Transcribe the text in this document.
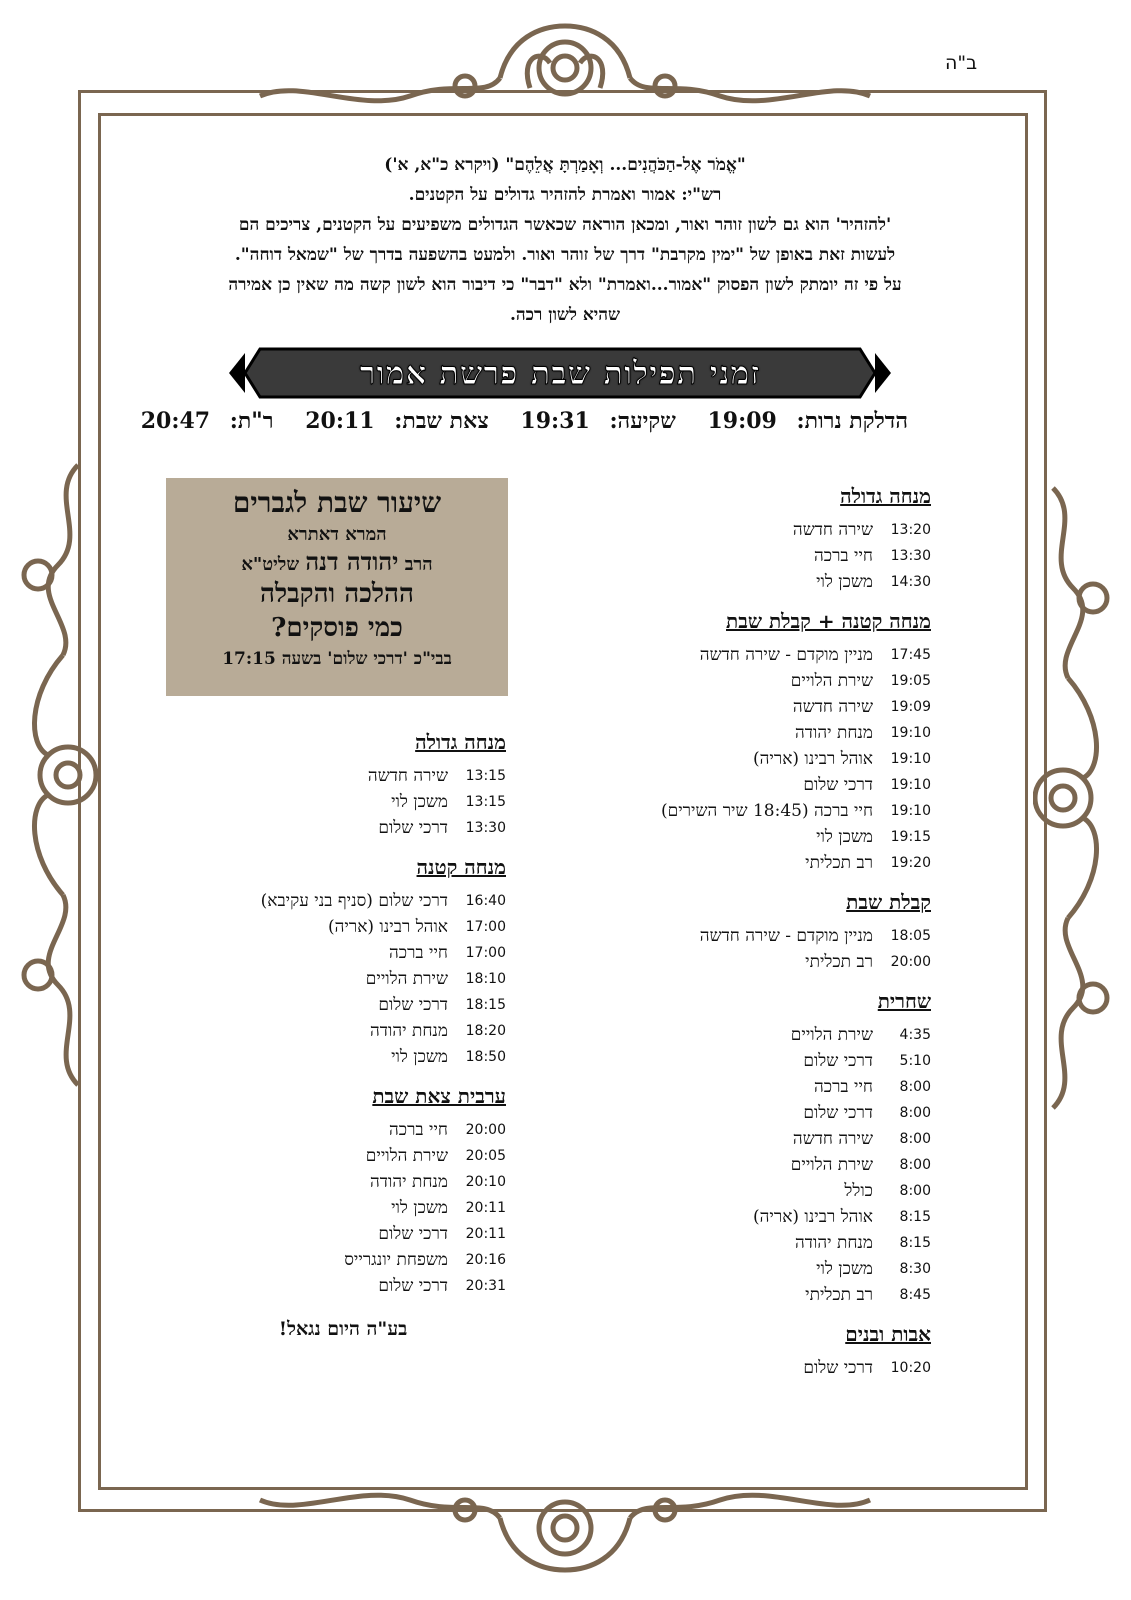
ב"ה
"אֱמֹר אֶל-הַכֹּהֲנִים... וְאָמַרְתָּ אֲלֵהֶם" (ויקרא כ"א, א')
רש"י: אמור ואמרת להזהיר גדולים על הקטנים.
'להזהיר' הוא גם לשון זוהר ואור, ומכאן הוראה שכאשר הגדולים משפיעים על הקטנים, צריכים הם
לעשות זאת באופן של "ימין מקרבת" דרך של זוהר ואור. ולמעט בהשפעה בדרך של "שמאל דוחה".
על פי זה יומתק לשון הפסוק "אמור...ואמרת" ולא "דבר" כי דיבור הוא לשון קשה מה שאין כן אמירה
שהיא לשון רכה.
זמני תפילות שבת פרשת אמור
הדלקת נרות: 19:09 שקיעה: 19:31 צאת שבת: 20:11 ר"ת: 20:47
מנחה גדולה
13:20
שירה חדשה
13:30
חיי ברכה
14:30
משכן לוי
מנחה קטנה + קבלת שבת
17:45
מניין מוקדם - שירה חדשה
19:05
שירת הלויים
19:09
שירה חדשה
19:10
מנחת יהודה
19:10
אוהל רבינו (אריה)
19:10
דרכי שלום
19:10
חיי ברכה (18:45 שיר השירים)
19:15
משכן לוי
19:20
רב תכליתי
קבלת שבת
18:05
מניין מוקדם - שירה חדשה
20:00
רב תכליתי
שחרית
4:35
שירת הלויים
5:10
דרכי שלום
8:00
חיי ברכה
8:00
דרכי שלום
8:00
שירה חדשה
8:00
שירת הלויים
8:00
כולל
8:15
אוהל רבינו (אריה)
8:15
מנחת יהודה
8:30
משכן לוי
8:45
רב תכליתי
אבות ובנים
10:20
דרכי שלום
שיעור שבת לגברים
המרא דאתרא
הרב יהודה דנה שליט"א
ההלכה והקבלה
כמי פוסקים?
בבי"כ 'דרכי שלום' בשעה 17:15
מנחה גדולה
13:15
שירה חדשה
13:15
משכן לוי
13:30
דרכי שלום
מנחה קטנה
16:40
דרכי שלום (סניף בני עקיבא)
17:00
אוהל רבינו (אריה)
17:00
חיי ברכה
18:10
שירת הלויים
18:15
דרכי שלום
18:20
מנחת יהודה
18:50
משכן לוי
ערבית צאת שבת
20:00
חיי ברכה
20:05
שירת הלויים
20:10
מנחת יהודה
20:11
משכן לוי
20:11
דרכי שלום
20:16
משפחת יונגרייס
20:31
דרכי שלום
בע"ה היום נגאל!
